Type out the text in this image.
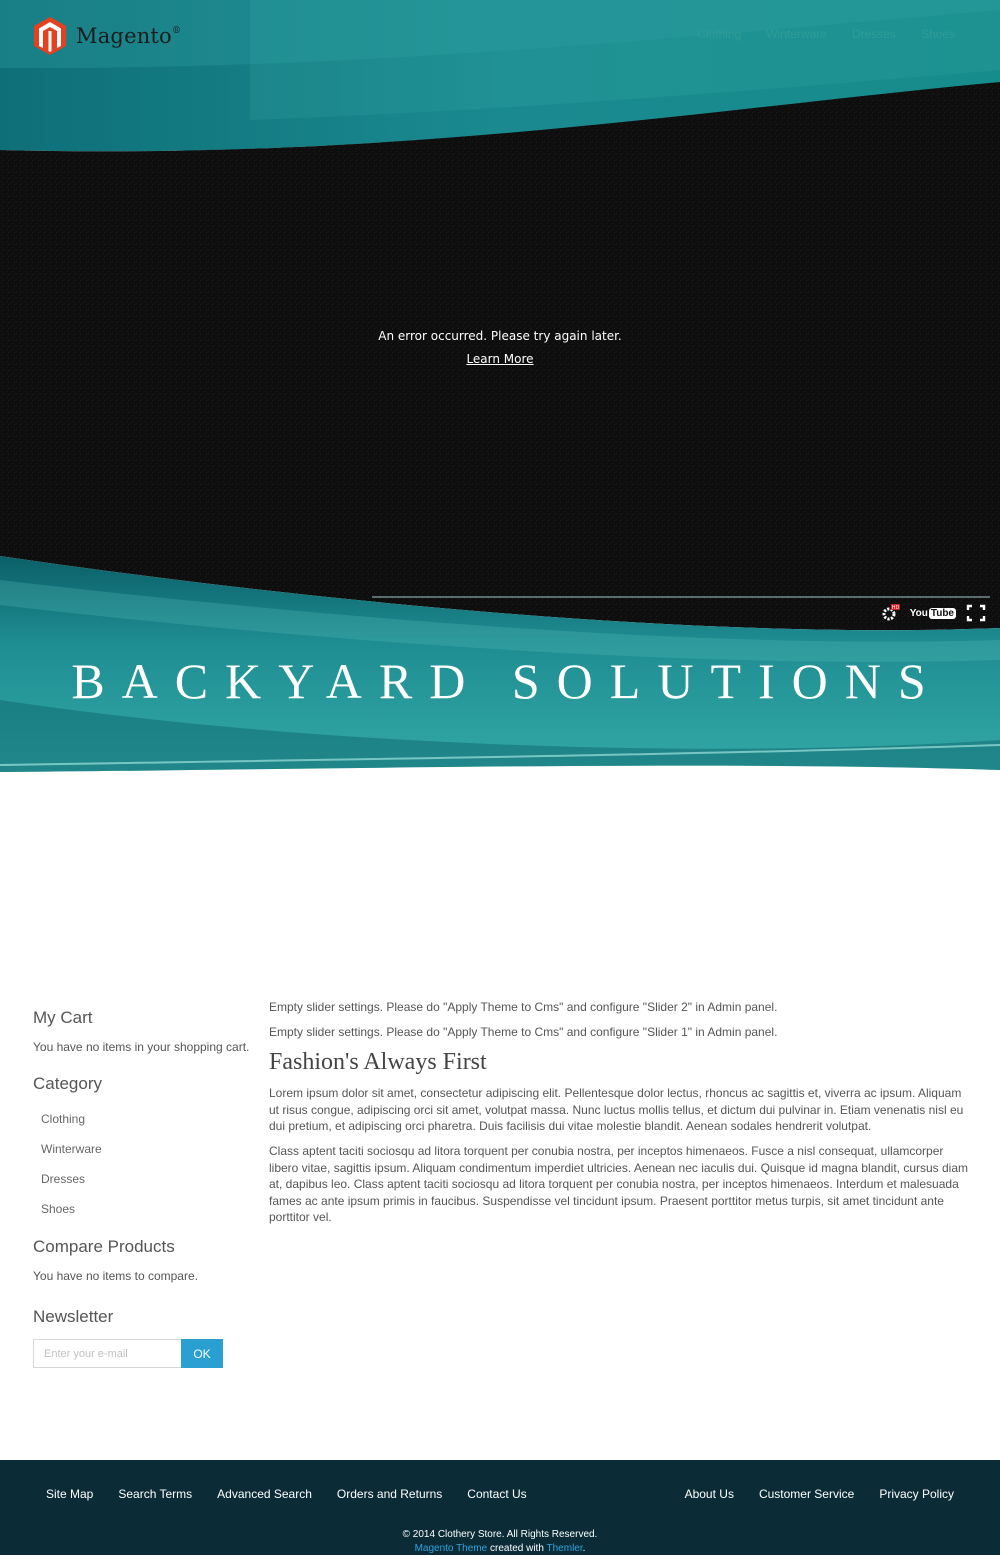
Magento®	Clothing Winterware Dresses Shoes
An error occurred. Please try again later.
Learn More
HD You Tube
BACKYARD SOLUTIONS
My Cart
You have no items in your shopping cart.
Category
Clothing
Winterware
Dresses
Shoes
Compare Products
You have no items to compare.
Newsletter
Enter your e-mail
OK

Empty slider settings. Please do "Apply Theme to Cms" and configure "Slider 2" in Admin panel.

Empty slider settings. Please do "Apply Theme to Cms" and configure "Slider 1" in Admin panel.

Fashion's Always First

Lorem ipsum dolor sit amet, consectetur adipiscing elit. Pellentesque dolor lectus, rhoncus ac sagittis et, viverra ac ipsum. Aliquam ut risus congue, adipiscing orci sit amet, volutpat massa. Nunc luctus mollis tellus, et dictum dui pulvinar in. Etiam venenatis nisl eu dui pretium, et adipiscing orci pharetra. Duis facilisis dui vitae molestie blandit. Aenean sodales hendrerit volutpat.

Class aptent taciti sociosqu ad litora torquent per conubia nostra, per inceptos himenaeos. Fusce a nisl consequat, ullamcorper libero vitae, sagittis ipsum. Aliquam condimentum imperdiet ultricies. Aenean nec iaculis dui. Quisque id magna blandit, cursus diam at, dapibus leo. Class aptent taciti sociosqu ad litora torquent per conubia nostra, per inceptos himenaeos. Interdum et malesuada fames ac ante ipsum primis in faucibus. Suspendisse vel tincidunt ipsum. Praesent porttitor metus turpis, sit amet tincidunt ante porttitor vel.

Site Map Search Terms Advanced Search Orders and Returns Contact Us	About Us Customer Service Privacy Policy
© 2014 Clothery Store. All Rights Reserved.
Magento Theme created with Themler.
